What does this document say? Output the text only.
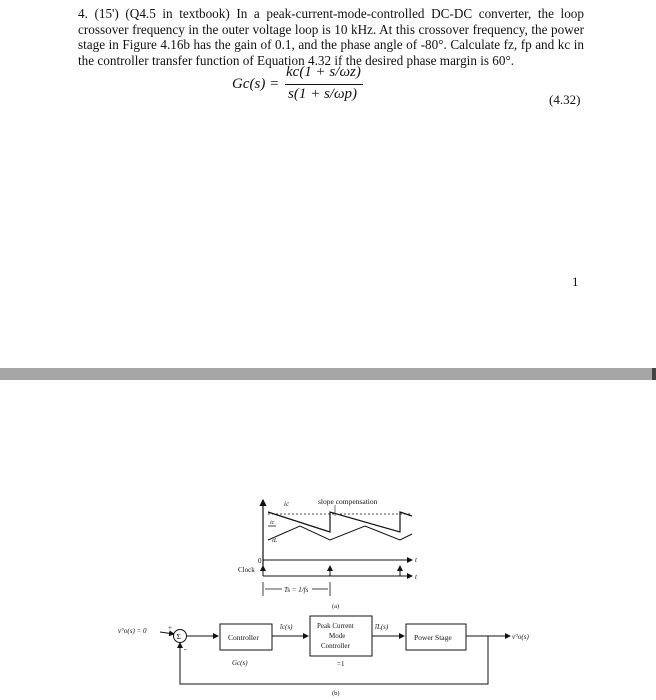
4. (15') (Q4.5 in textbook) In a peak-current-mode-controlled DC-DC converter, the loop crossover frequency in the outer voltage loop is 10 kHz. At this crossover frequency, the power stage in Figure 4.16b has the gain of 0.1, and the phase angle of -80°. Calculate fz, fp and kc in the controller transfer function of Equation 4.32 if the desired phase margin is 60°.
Gc(s) =
kc(1 + s/ωz)
s(1 + s/ωp)	(4.32)
1
slope compensation
ic
ic
iL
0	t
Clock
t
Ts = 1/fs
(a)
v°o(s) = 0	+
Σ
-
Controller
Gc(s)
ĩc(s)	Peak Current
Mode
Controller
=1
ĩL(s)
Power Stage	v°o(s)
(b)
